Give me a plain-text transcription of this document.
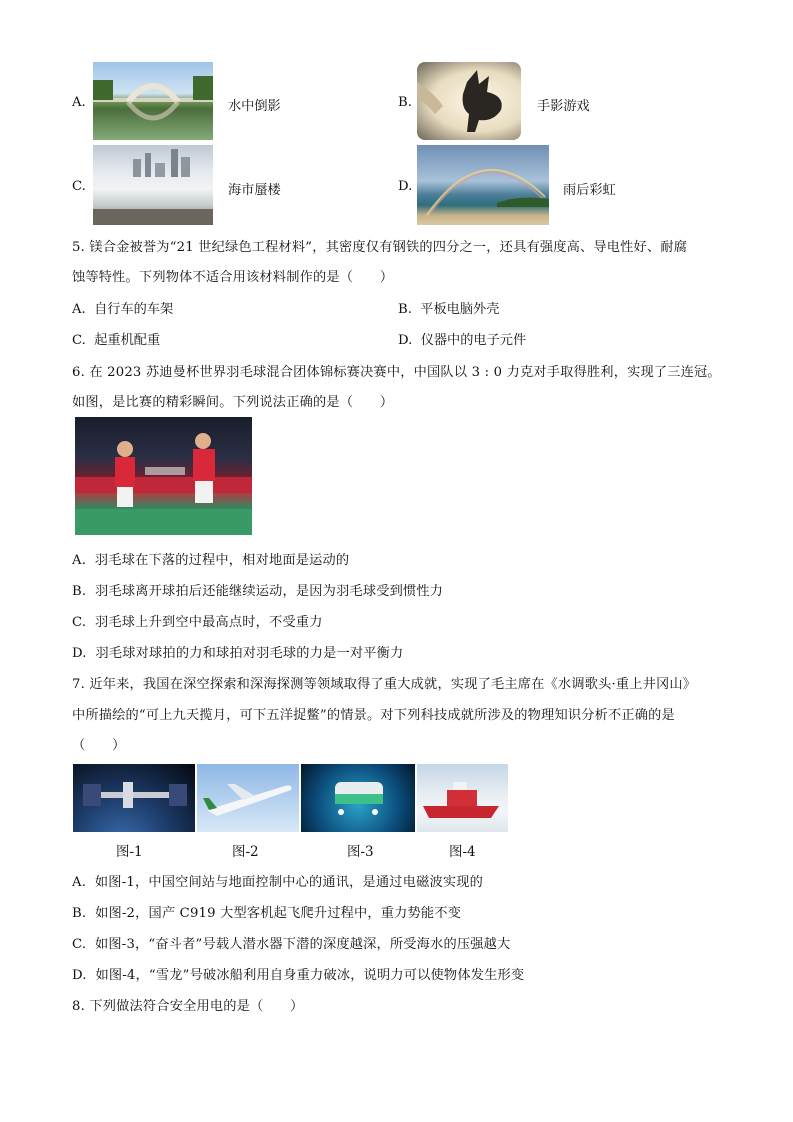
A.	水中倒影	B.	手影游戏
C.	海市蜃楼	D.	雨后彩虹
5. 镁合金被誉为“21 世纪绿色工程材料”，其密度仅有钢铁的四分之一，还具有强度高、导电性好、耐腐
蚀等特性。下列物体不适合用该材料制作的是（　　）
A. 自行车的车架	B. 平板电脑外壳
C. 起重机配重	D. 仪器中的电子元件
6. 在 2023 苏迪曼杯世界羽毛球混合团体锦标赛决赛中，中国队以 3 : 0 力克对手取得胜利，实现了三连冠。
如图，是比赛的精彩瞬间。下列说法正确的是（　　）
A. 羽毛球在下落的过程中，相对地面是运动的
B. 羽毛球离开球拍后还能继续运动，是因为羽毛球受到惯性力
C. 羽毛球上升到空中最高点时，不受重力
D. 羽毛球对球拍的力和球拍对羽毛球的力是一对平衡力
7. 近年来，我国在深空探索和深海探测等领域取得了重大成就，实现了毛主席在《水调歌头·重上井冈山》
中所描绘的“可上九天揽月，可下五洋捉鳖”的情景。对下列科技成就所涉及的物理知识分析不正确的是
（　　）
图-1	图-2	图-3	图-4
A. 如图-1，中国空间站与地面控制中心的通讯，是通过电磁波实现的
B. 如图-2，国产 C919 大型客机起飞爬升过程中，重力势能不变
C. 如图-3，“奋斗者”号载人潜水器下潜的深度越深，所受海水的压强越大
D. 如图-4，“雪龙”号破冰船利用自身重力破冰，说明力可以使物体发生形变
8. 下列做法符合安全用电的是（　　）
